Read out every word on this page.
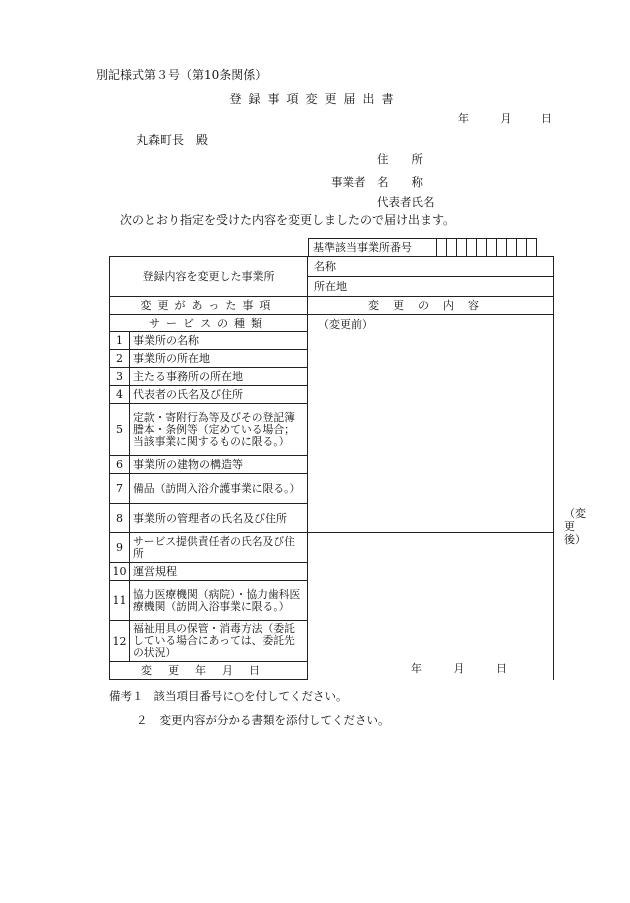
別記様式第３号（第10条関係）
登録事項変更届出書
年	月	日
丸森町長　殿
住　　所
事業者 名　　称
代表者氏名
次のとおり指定を受けた内容を変更しましたので届け出ます。
基準該当事業所番号										
登録内容を変更した事業所		名称	
		所在地	
変更があった事項		変更の内容	
サービスの種類		（変更前）	
1	事業所の名称		
2	事業所の所在地		
3	主たる事務所の所在地		
4	代表者の氏名及び住所		
5	定款・寄附行為等及びその登記簿謄本・条例等（定めている場合；当該事業に関するものに限る。）		
6	事業所の建物の構造等		
7	備品（訪問入浴介護事業に限る。）		
8	事業所の管理者の氏名及び住所		（変更後）
9	サービス提供責任者の氏名及び住所		
10	運営規程		
11	協力医療機関（病院）・協力歯科医療機関（訪問入浴事業に限る。）		
12	福祉用具の保管・消毒方法（委託している場合にあっては、委託先の状況）		
変更年月日				年	月	日
備考１ 該当項目番号に○を付してください。
２ 変更内容が分かる書類を添付してください。
